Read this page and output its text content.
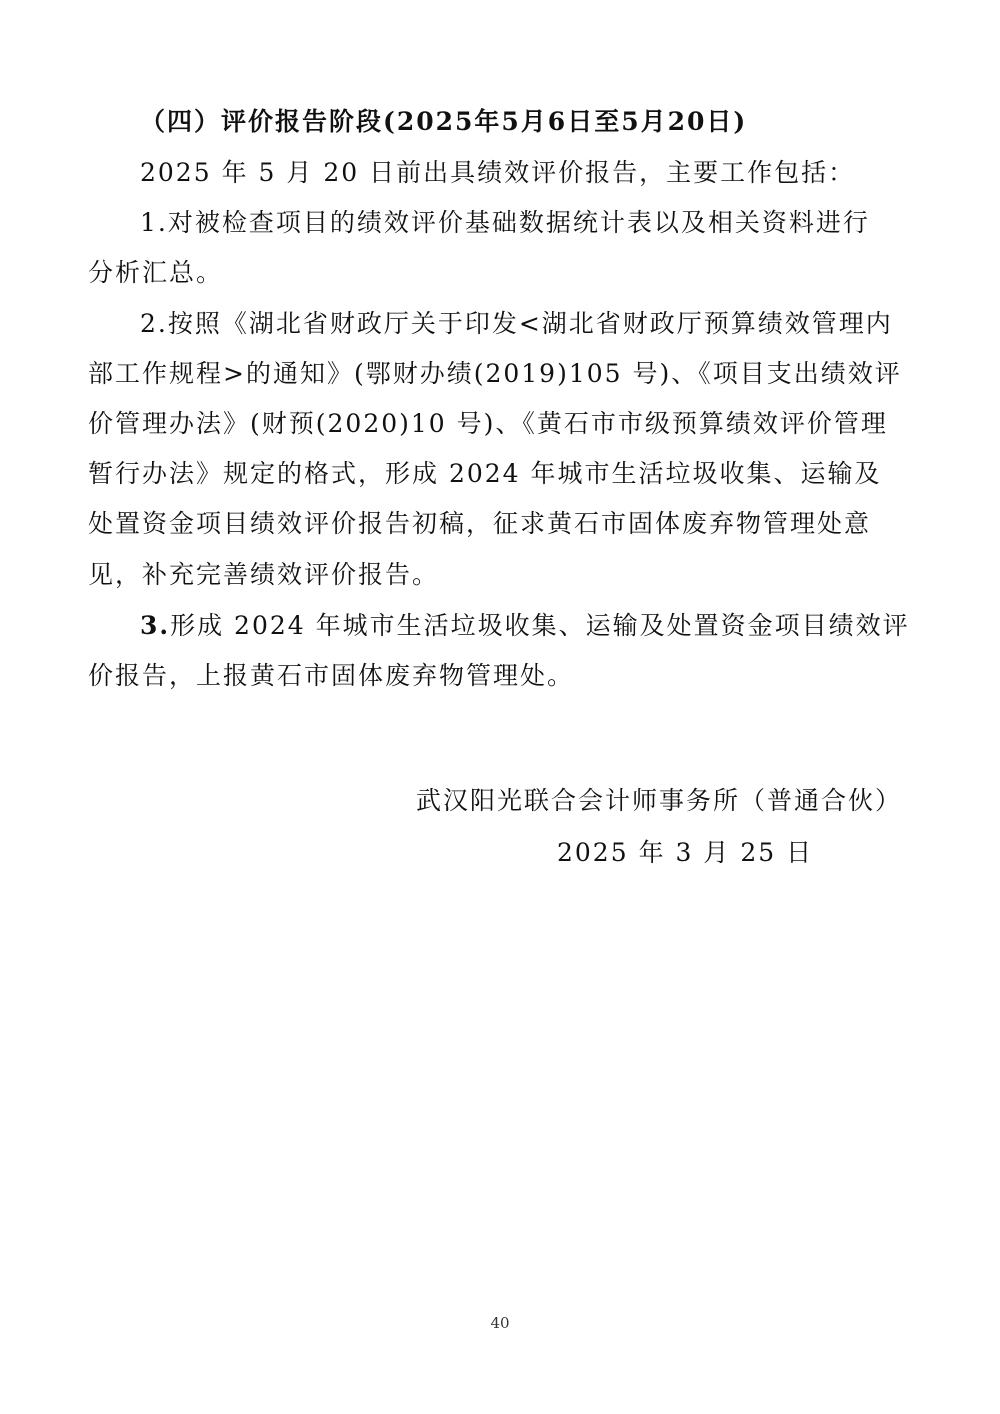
（四）评价报告阶段(2025年5月6日至5月20日)
2025 年 5 月 20 日前出具绩效评价报告，主要工作包括：
1.对被检查项目的绩效评价基础数据统计表以及相关资料进行
分析汇总。
2.按照《湖北省财政厅关于印发<湖北省财政厅预算绩效管理内
部工作规程>的通知》(鄂财办绩(2019)105 号)、《项目支出绩效评
价管理办法》(财预(2020)10 号)、《黄石市市级预算绩效评价管理
暂行办法》规定的格式，形成 2024 年城市生活垃圾收集、运输及
处置资金项目绩效评价报告初稿，征求黄石市固体废弃物管理处意
见，补充完善绩效评价报告。
3.形成 2024 年城市生活垃圾收集、运输及处置资金项目绩效评
价报告，上报黄石市固体废弃物管理处。
武汉阳光联合会计师事务所（普通合伙）
2025 年 3 月 25 日
40
